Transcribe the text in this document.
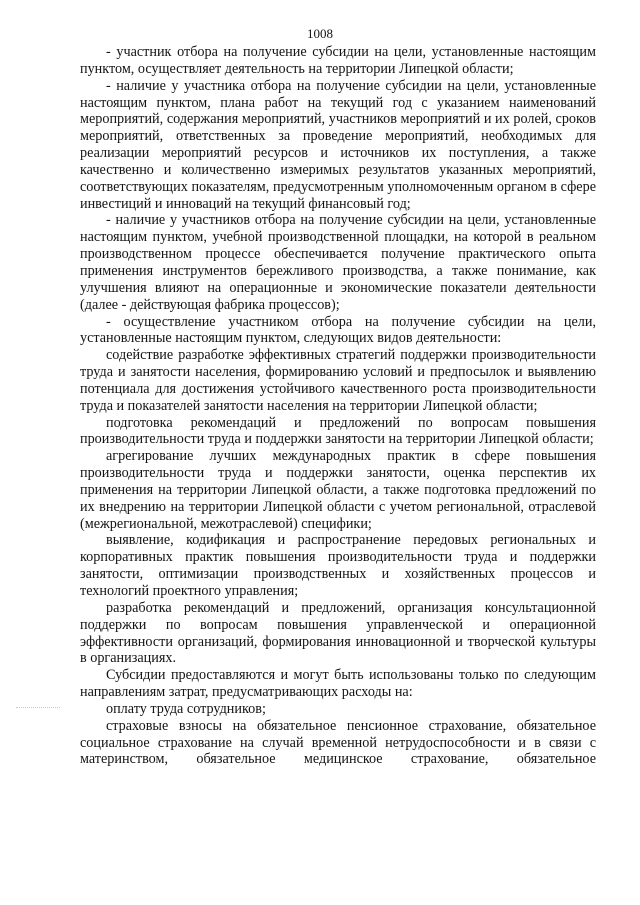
1008

- участник отбора на получение субсидии на цели, установленные настоящим пунктом, осуществляет деятельность на территории Липецкой области;

- наличие у участника отбора на получение субсидии на цели, установленные настоящим пунктом, плана работ на текущий год с указанием наименований мероприятий, содержания мероприятий, участников мероприятий и их ролей, сроков мероприятий, ответственных за проведение мероприятий, необходимых для реализации мероприятий ресурсов и источников их поступления, а также качественно и количественно измеримых результатов указанных мероприятий, соответствующих показателям, предусмотренным уполномоченным органом в сфере инвестиций и инноваций на текущий финансовый год;

- наличие у участников отбора на получение субсидии на цели, установленные настоящим пунктом, учебной производственной площадки, на которой в реальном производственном процессе обеспечивается получение практического опыта применения инструментов бережливого производства, а также понимание, как улучшения влияют на операционные и экономические показатели деятельности (далее - действующая фабрика процессов);

- осуществление участником отбора на получение субсидии на цели, установленные настоящим пунктом, следующих видов деятельности:

содействие разработке эффективных стратегий поддержки производительности труда и занятости населения, формированию условий и предпосылок и выявлению потенциала для достижения устойчивого качественного роста производительности труда и показателей занятости населения на территории Липецкой области;

подготовка рекомендаций и предложений по вопросам повышения производительности труда и поддержки занятости на территории Липецкой области;

агрегирование лучших международных практик в сфере повышения производительности труда и поддержки занятости, оценка перспектив их применения на территории Липецкой области, а также подготовка предложений по их внедрению на территории Липецкой области с учетом региональной, отраслевой (межрегиональной, межотраслевой) специфики;

выявление, кодификация и распространение передовых региональных и корпоративных практик повышения производительности труда и поддержки занятости, оптимизации производственных и хозяйственных процессов и технологий проектного управления;

разработка рекомендаций и предложений, организация консультационной поддержки по вопросам повышения управленческой и операционной эффективности организаций, формирования инновационной и творческой культуры в организациях.

Субсидии предоставляются и могут быть использованы только по следующим направлениям затрат, предусматривающих расходы на:

оплату труда сотрудников;

страховые взносы на обязательное пенсионное страхование, обязательное социальное страхование на случай временной нетрудоспособности и в связи с материнством, обязательное медицинское страхование, обязательное
